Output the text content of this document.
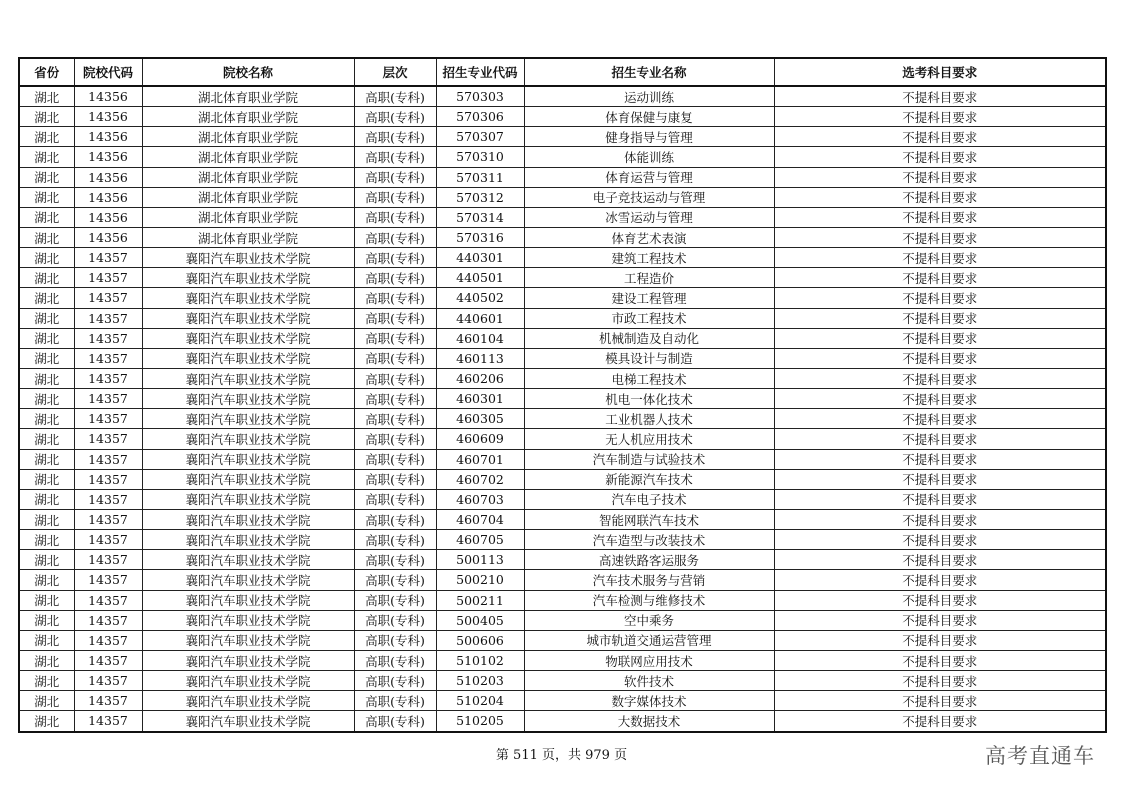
省份	院校代码	院校名称	层次	招生专业代码	招生专业名称	选考科目要求
湖北	14356	湖北体育职业学院	高职(专科)	570303	运动训练	不提科目要求
湖北	14356	湖北体育职业学院	高职(专科)	570306	体育保健与康复	不提科目要求
湖北	14356	湖北体育职业学院	高职(专科)	570307	健身指导与管理	不提科目要求
湖北	14356	湖北体育职业学院	高职(专科)	570310	体能训练	不提科目要求
湖北	14356	湖北体育职业学院	高职(专科)	570311	体育运营与管理	不提科目要求
湖北	14356	湖北体育职业学院	高职(专科)	570312	电子竞技运动与管理	不提科目要求
湖北	14356	湖北体育职业学院	高职(专科)	570314	冰雪运动与管理	不提科目要求
湖北	14356	湖北体育职业学院	高职(专科)	570316	体育艺术表演	不提科目要求
湖北	14357	襄阳汽车职业技术学院	高职(专科)	440301	建筑工程技术	不提科目要求
湖北	14357	襄阳汽车职业技术学院	高职(专科)	440501	工程造价	不提科目要求
湖北	14357	襄阳汽车职业技术学院	高职(专科)	440502	建设工程管理	不提科目要求
湖北	14357	襄阳汽车职业技术学院	高职(专科)	440601	市政工程技术	不提科目要求
湖北	14357	襄阳汽车职业技术学院	高职(专科)	460104	机械制造及自动化	不提科目要求
湖北	14357	襄阳汽车职业技术学院	高职(专科)	460113	模具设计与制造	不提科目要求
湖北	14357	襄阳汽车职业技术学院	高职(专科)	460206	电梯工程技术	不提科目要求
湖北	14357	襄阳汽车职业技术学院	高职(专科)	460301	机电一体化技术	不提科目要求
湖北	14357	襄阳汽车职业技术学院	高职(专科)	460305	工业机器人技术	不提科目要求
湖北	14357	襄阳汽车职业技术学院	高职(专科)	460609	无人机应用技术	不提科目要求
湖北	14357	襄阳汽车职业技术学院	高职(专科)	460701	汽车制造与试验技术	不提科目要求
湖北	14357	襄阳汽车职业技术学院	高职(专科)	460702	新能源汽车技术	不提科目要求
湖北	14357	襄阳汽车职业技术学院	高职(专科)	460703	汽车电子技术	不提科目要求
湖北	14357	襄阳汽车职业技术学院	高职(专科)	460704	智能网联汽车技术	不提科目要求
湖北	14357	襄阳汽车职业技术学院	高职(专科)	460705	汽车造型与改装技术	不提科目要求
湖北	14357	襄阳汽车职业技术学院	高职(专科)	500113	高速铁路客运服务	不提科目要求
湖北	14357	襄阳汽车职业技术学院	高职(专科)	500210	汽车技术服务与营销	不提科目要求
湖北	14357	襄阳汽车职业技术学院	高职(专科)	500211	汽车检测与维修技术	不提科目要求
湖北	14357	襄阳汽车职业技术学院	高职(专科)	500405	空中乘务	不提科目要求
湖北	14357	襄阳汽车职业技术学院	高职(专科)	500606	城市轨道交通运营管理	不提科目要求
湖北	14357	襄阳汽车职业技术学院	高职(专科)	510102	物联网应用技术	不提科目要求
湖北	14357	襄阳汽车职业技术学院	高职(专科)	510203	软件技术	不提科目要求
湖北	14357	襄阳汽车职业技术学院	高职(专科)	510204	数字媒体技术	不提科目要求
湖北	14357	襄阳汽车职业技术学院	高职(专科)	510205	大数据技术	不提科目要求
第 511 页，共 979 页	高考直通车
